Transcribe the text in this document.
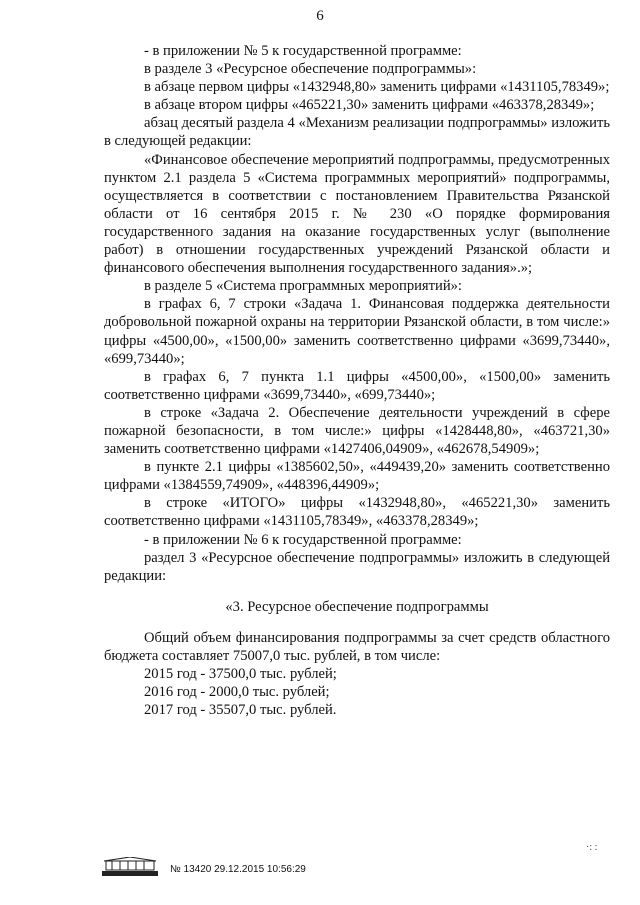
6

- в приложении № 5 к государственной программе:

в разделе 3 «Ресурсное обеспечение подпрограммы»:

в абзаце первом цифры «1432948,80» заменить цифрами «1431105,78349»;

в абзаце втором цифры «465221,30» заменить цифрами «463378,28349»;

абзац десятый раздела 4 «Механизм реализации подпрограммы» изложить в следующей редакции:

«Финансовое обеспечение мероприятий подпрограммы, предусмотренных пунктом 2.1 раздела 5 «Система программных мероприятий» подпрограммы, осуществляется в соответствии с постановлением Правительства Рязанской области от 16 сентября 2015 г. № 230 «О порядке формирования государственного задания на оказание государственных услуг (выполнение работ) в отношении государственных учреждений Рязанской области и финансового обеспечения выполнения государственного задания».»;

в разделе 5 «Система программных мероприятий»:

в графах 6, 7 строки «Задача 1. Финансовая поддержка деятельности добровольной пожарной охраны на территории Рязанской области, в том числе:» цифры «4500,00», «1500,00» заменить соответственно цифрами «3699,73440», «699,73440»;

в графах 6, 7 пункта 1.1 цифры «4500,00», «1500,00» заменить соответственно цифрами «3699,73440», «699,73440»;

в строке «Задача 2. Обеспечение деятельности учреждений в сфере пожарной безопасности, в том числе:» цифры «1428448,80», «463721,30» заменить соответственно цифрами «1427406,04909», «462678,54909»;

в пункте 2.1 цифры «1385602,50», «449439,20» заменить соответственно цифрами «1384559,74909», «448396,44909»;

в строке «ИТОГО» цифры «1432948,80», «465221,30» заменить соответственно цифрами «1431105,78349», «463378,28349»;

- в приложении № 6 к государственной программе:

раздел 3 «Ресурсное обеспечение подпрограммы» изложить в следующей редакции:

«3. Ресурсное обеспечение подпрограммы

Общий объем финансирования подпрограммы за счет средств областного бюджета составляет 75007,0 тыс. рублей, в том числе:

2015 год - 37500,0 тыс. рублей;

2016 год - 2000,0 тыс. рублей;

2017 год - 35507,0 тыс. рублей.

№ 13420 29.12.2015 10:56:29
·: :
